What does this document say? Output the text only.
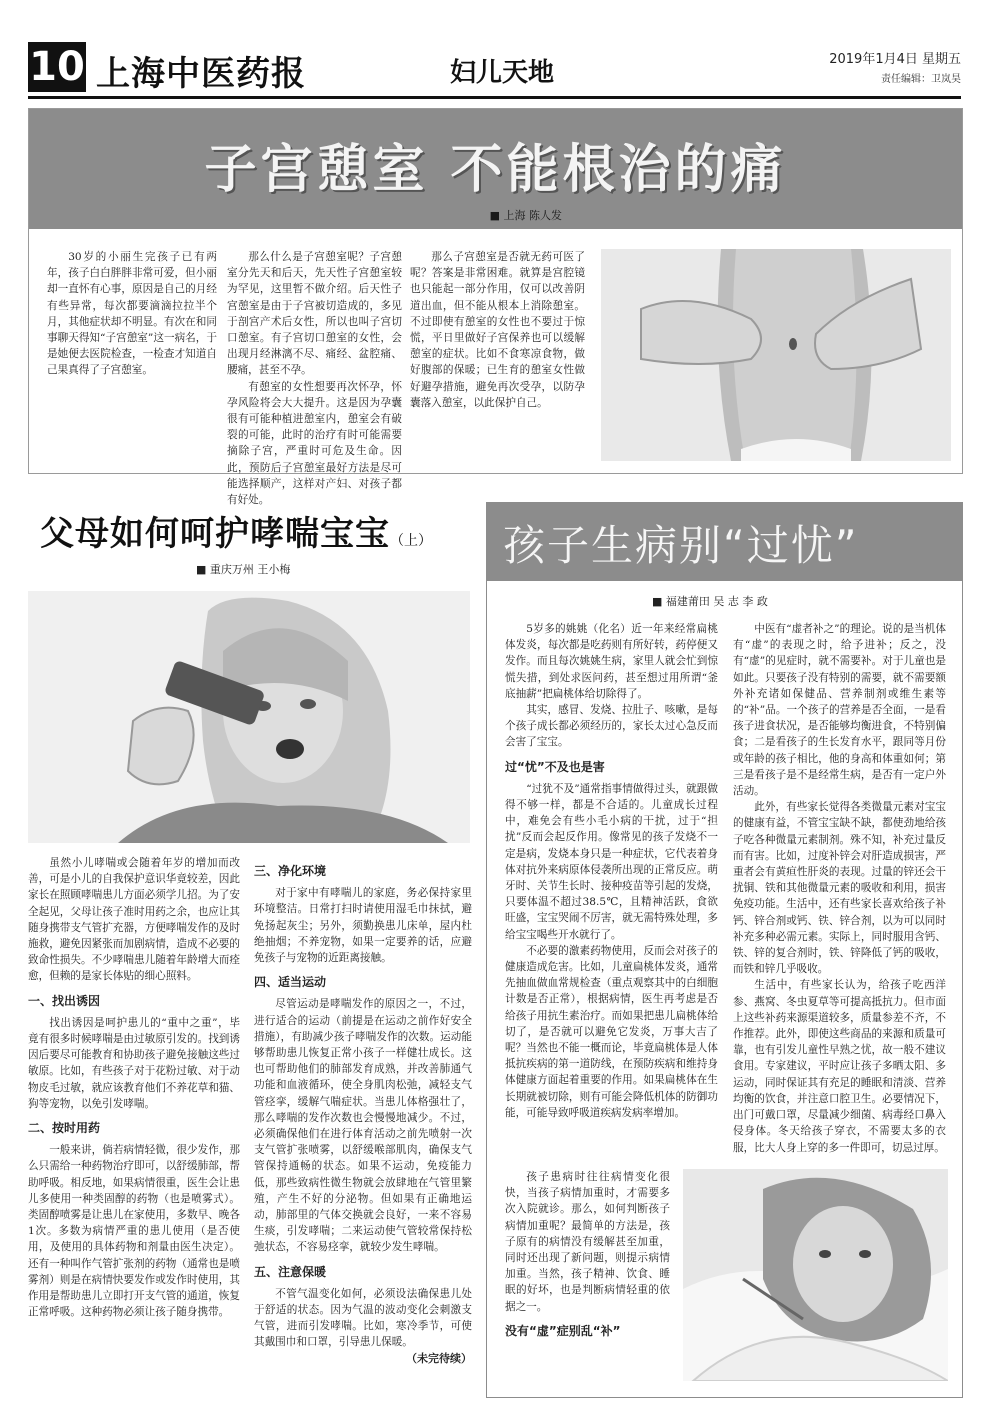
10 上海中医药报	妇儿天地	2019年1月4日 星期五
责任编辑：卫岚昊
子宫憩室 不能根治的痛
■ 上海 陈人发

30岁的小丽生完孩子已有两年，孩子白白胖胖非常可爱，但小丽却一直怀有心事，原因是自己的月经有些异常，每次都要滴滴拉拉半个月，其他症状却不明显。有次在和同事聊天得知“子宫憩室”这一病名，于是她便去医院检查，一检查才知道自己果真得了子宫憩室。

那么什么是子宫憩室呢？子宫憩室分先天和后天，先天性子宫憩室较为罕见，这里暂不做介绍。后天性子宫憩室是由于子宫被切造成的，多见于剖宫产术后女性，所以也叫子宫切口憩室。有子宫切口憩室的女性，会出现月经淋漓不尽、痛经、盆腔痛、腰痛，甚至不孕。

有憩室的女性想要再次怀孕，怀孕风险将会大大提升。这是因为孕囊很有可能种植进憩室内，憩室会有破裂的可能，此时的治疗有时可能需要摘除子宫，严重时可危及生命。因此，预防后子宫憩室最好方法是尽可能选择顺产，这样对产妇、对孩子都有好处。

那么子宫憩室是否就无药可医了呢？答案是非常困难。就算是宫腔镜也只能起一部分作用，仅可以改善阴道出血，但不能从根本上消除憩室。不过即使有憩室的女性也不要过于惊慌，平日里做好子宫保养也可以缓解憩室的症状。比如不食寒凉食物，做好腹部的保暖；已生育的憩室女性做好避孕措施，避免再次受孕，以防孕囊落入憩室，以此保护自己。

父母如何呵护哮喘宝宝（上）
■ 重庆万州 王小梅

虽然小儿哮喘或会随着年岁的增加而改善，可是小儿的自我保护意识华竟较差，因此家长在照顾哮喘患儿方面必须学儿招。为了安全起见，父母让孩子准时用药之余，也应让其随身携带支气管扩充器，方便哮喘发作的及时施救，避免因紧张而加剧病情，造成不必要的致命性损失。不少哮喘患儿随着年龄增大而痊愈，但赖的是家长体贴的细心照料。

一、找出诱因

找出诱因是呵护患儿的“重中之重”，毕竟有很多时候哮喘是由过敏原引发的。找到诱因后要尽可能教育和协助孩子避免接触这些过敏原。比如，有些孩子对于花粉过敏、对于动物皮毛过敏，就应该教育他们不养花草和猫、狗等宠物，以免引发哮喘。

二、按时用药

一般来讲，倘若病情轻微，很少发作，那么只需给一种药物治疗即可，以舒缓肺部，帮助呼吸。相反地，如果病情很重，医生会让患儿多使用一种类固醇的药物（也是喷雾式）。类固醇喷雾是让患儿在家使用，多数早、晚各1次。多数为病情严重的患儿使用（是否使用，及使用的具体药物和剂量由医生决定）。还有一种叫作气管扩张剂的药物（通常也是喷雾剂）则是在病情快要发作或发作时使用，其作用是帮助患儿立即打开支气管的通道，恢复正常呼吸。这种药物必须让孩子随身携带。

三、净化环境

对于家中有哮喘儿的家庭，务必保持家里环境整洁。日常打扫时请使用湿毛巾抹拭，避免扬起灰尘；另外，须勤换患儿床单，屋内杜绝抽烟；不养宠物，如果一定要养的话，应避免孩子与宠物的近距离接触。

四、适当运动

尽管运动是哮喘发作的原因之一，不过，进行适合的运动（前提是在运动之前作好安全措施），有助减少孩子哮喘发作的次数。运动能够帮助患儿恢复正常小孩子一样健壮成长。这也可帮助他们的肺部发育成熟，并改善肺通气功能和血液循环，使全身肌肉松弛，减轻支气管痉挛，缓解气喘症状。当患儿体格强壮了，那么哮喘的发作次数也会慢慢地减少。不过，必须确保他们在进行体育活动之前先喷射一次支气管扩张喷雾，以舒缓喉部肌肉，确保支气管保持通畅的状态。如果不运动，免疫能力低，那些致病性微生物就会放肆地在气管里繁殖，产生不好的分泌物。但如果有正确地运动，肺部里的气体交换就会良好，一来不容易生痰，引发哮喘；二来运动使气管较常保持松弛状态，不容易痉挛，就较少发生哮喘。

五、注意保暖

不管气温变化如何，必须设法确保患儿处于舒适的状态。因为气温的波动变化会刺激支气管，进而引发哮喘。比如，寒冷季节，可使其戴围巾和口罩，引导患儿保暖。

（未完待续）
孩子生病别“过忧”
■ 福建莆田 吴 志 李 政

5岁多的姚姚（化名）近一年来经常扁桃体发炎，每次都是吃药则有所好转，药停便又发作。而且每次姚姚生病，家里人就会忙到惊慌失措，到处求医问药，甚至想过用所谓“釜底抽薪”把扁桃体给切除得了。

其实，感冒、发烧、拉肚子、咳嗽，是每个孩子成长都必须经历的，家长太过心急反而会害了宝宝。

过“忧”不及也是害

“过犹不及”通常指事情做得过头，就跟做得不够一样，都是不合适的。儿童成长过程中，难免会有些小毛小病的干扰，过于“担扰”反而会起反作用。像常见的孩子发烧不一定是病，发烧本身只是一种症状，它代表着身体对抗外来病原体侵袭所出现的正常反应。萌牙时、关节生长时、接种疫苗等引起的发烧，只要体温不超过38.5℃，且精神活跃，食欲旺盛，宝宝哭闹不厉害，就无需特殊处理，多给宝宝喝些开水就行了。

不必要的激素药物使用，反而会对孩子的健康造成危害。比如，儿童扁桃体发炎，通常先抽血做血常规检查（重点观察其中的白细胞计数是否正常），根据病情，医生再考虑是否给孩子用抗生素治疗。而如果把患儿扁桃体给切了，是否就可以避免它发炎，万事大吉了呢？当然也不能一概而论，毕竟扁桃体是人体抵抗疾病的第一道防线，在预防疾病和维持身体健康方面起着重要的作用。如果扁桃体在生长期就被切除，则有可能会降低机体的防御功能，可能导致呼吸道疾病发病率增加。

中医有“虚者补之”的理论。说的是当机体有“虚”的表现之时，给予进补；反之，没有“虚”的见症时，就不需要补。对于儿童也是如此。只要孩子没有特别的需要，就不需要额外补充诸如保健品、营养制剂或维生素等的“补”品。一个孩子的营养是否全面，一是看孩子进食状况，是否能够均衡进食，不特别偏食；二是看孩子的生长发育水平，跟同等月份或年龄的孩子相比，他的身高和体重如何；第三是看孩子是不是经常生病，是否有一定户外活动。

此外，有些家长觉得各类微量元素对宝宝的健康有益，不管宝宝缺不缺，都使劲地给孩子吃各种微量元素制剂。殊不知，补充过量反而有害。比如，过度补锌会对肝造成损害，严重者会有黄疸性肝炎的表现。过量的锌还会干扰铜、铁和其他微量元素的吸收和利用，损害免疫功能。生活中，还有些家长喜欢给孩子补钙、锌合剂或钙、铁、锌合剂，以为可以同时补充多种必需元素。实际上，同时服用含钙、铁、锌的复合剂时，铁、锌降低了钙的吸收，而铁和锌几乎吸收。

生活中，有些家长认为，给孩子吃西洋参、燕窝、冬虫夏草等可提高抵抗力。但市面上这些补药来源渠道较多，质量参差不齐，不作推荐。此外，即使这些商品的来源和质量可靠，也有引发儿童性早熟之忧，故一般不建议食用。专家建议，平时应让孩子多晒太阳、多运动，同时保证其有充足的睡眠和清淡、营养均衡的饮食，并注意口腔卫生。必要情况下，出门可戴口罩，尽量减少细菌、病毒经口鼻入侵身体。冬天给孩子穿衣，不需要太多的衣服，比大人身上穿的多一件即可，切忌过厚。

孩子患病时往往病情变化很快，当孩子病情加重时，才需要多次入院就诊。那么，如何判断孩子病情加重呢？最简单的方法是，孩子原有的病情没有缓解甚至加重，同时还出现了新问题，则提示病情加重。当然，孩子精神、饮食、睡眠的好坏，也是判断病情轻重的依据之一。

没有“虚”症别乱“补”
